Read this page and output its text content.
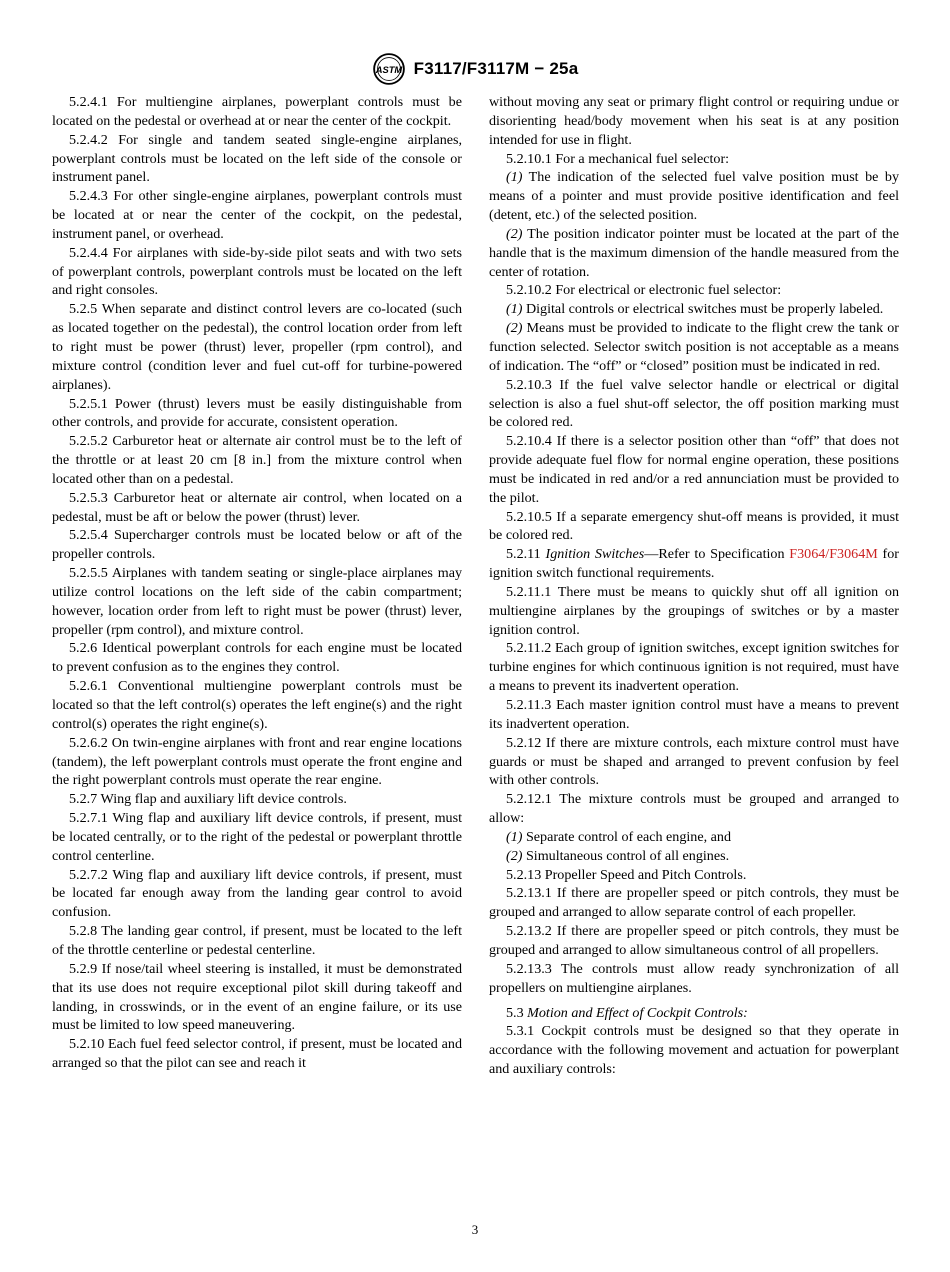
ASTM F3117/F3117M − 25a

5.2.4.1 For multiengine airplanes, powerplant controls must be located on the pedestal or overhead at or near the center of the cockpit.

5.2.4.2 For single and tandem seated single-engine airplanes, powerplant controls must be located on the left side of the console or instrument panel.

5.2.4.3 For other single-engine airplanes, powerplant controls must be located at or near the center of the cockpit, on the pedestal, instrument panel, or overhead.

5.2.4.4 For airplanes with side-by-side pilot seats and with two sets of powerplant controls, powerplant controls must be located on the left and right consoles.

5.2.5 When separate and distinct control levers are co-located (such as located together on the pedestal), the control location order from left to right must be power (thrust) lever, propeller (rpm control), and mixture control (condition lever and fuel cut-off for turbine-powered airplanes).

5.2.5.1 Power (thrust) levers must be easily distinguishable from other controls, and provide for accurate, consistent operation.

5.2.5.2 Carburetor heat or alternate air control must be to the left of the throttle or at least 20 cm [8 in.] from the mixture control when located other than on a pedestal.

5.2.5.3 Carburetor heat or alternate air control, when located on a pedestal, must be aft or below the power (thrust) lever.

5.2.5.4 Supercharger controls must be located below or aft of the propeller controls.

5.2.5.5 Airplanes with tandem seating or single-place airplanes may utilize control locations on the left side of the cabin compartment; however, location order from left to right must be power (thrust) lever, propeller (rpm control), and mixture control.

5.2.6 Identical powerplant controls for each engine must be located to prevent confusion as to the engines they control.

5.2.6.1 Conventional multiengine powerplant controls must be located so that the left control(s) operates the left engine(s) and the right control(s) operates the right engine(s).

5.2.6.2 On twin-engine airplanes with front and rear engine locations (tandem), the left powerplant controls must operate the front engine and the right powerplant controls must operate the rear engine.

5.2.7 Wing flap and auxiliary lift device controls.

5.2.7.1 Wing flap and auxiliary lift device controls, if present, must be located centrally, or to the right of the pedestal or powerplant throttle control centerline.

5.2.7.2 Wing flap and auxiliary lift device controls, if present, must be located far enough away from the landing gear control to avoid confusion.

5.2.8 The landing gear control, if present, must be located to the left of the throttle centerline or pedestal centerline.

5.2.9 If nose/tail wheel steering is installed, it must be demonstrated that its use does not require exceptional pilot skill during takeoff and landing, in crosswinds, or in the event of an engine failure, or its use must be limited to low speed maneuvering.

5.2.10 Each fuel feed selector control, if present, must be located and arranged so that the pilot can see and reach it

without moving any seat or primary flight control or requiring undue or disorienting head/body movement when his seat is at any position intended for use in flight.

5.2.10.1 For a mechanical fuel selector:

(1) The indication of the selected fuel valve position must be by means of a pointer and must provide positive identification and feel (detent, etc.) of the selected position.

(2) The position indicator pointer must be located at the part of the handle that is the maximum dimension of the handle measured from the center of rotation.

5.2.10.2 For electrical or electronic fuel selector:

(1) Digital controls or electrical switches must be properly labeled.

(2) Means must be provided to indicate to the flight crew the tank or function selected. Selector switch position is not acceptable as a means of indication. The “off” or “closed” position must be indicated in red.

5.2.10.3 If the fuel valve selector handle or electrical or digital selection is also a fuel shut-off selector, the off position marking must be colored red.

5.2.10.4 If there is a selector position other than “off” that does not provide adequate fuel flow for normal engine operation, these positions must be indicated in red and/or a red annunciation must be provided to the pilot.

5.2.10.5 If a separate emergency shut-off means is provided, it must be colored red.

5.2.11 Ignition Switches—Refer to Specification F3064/F3064M for ignition switch functional requirements.

5.2.11.1 There must be means to quickly shut off all ignition on multiengine airplanes by the groupings of switches or by a master ignition control.

5.2.11.2 Each group of ignition switches, except ignition switches for turbine engines for which continuous ignition is not required, must have a means to prevent its inadvertent operation.

5.2.11.3 Each master ignition control must have a means to prevent its inadvertent operation.

5.2.12 If there are mixture controls, each mixture control must have guards or must be shaped and arranged to prevent confusion by feel with other controls.

5.2.12.1 The mixture controls must be grouped and arranged to allow:

(1) Separate control of each engine, and

(2) Simultaneous control of all engines.

5.2.13 Propeller Speed and Pitch Controls.

5.2.13.1 If there are propeller speed or pitch controls, they must be grouped and arranged to allow separate control of each propeller.

5.2.13.2 If there are propeller speed or pitch controls, they must be grouped and arranged to allow simultaneous control of all propellers.

5.2.13.3 The controls must allow ready synchronization of all propellers on multiengine airplanes.

5.3 Motion and Effect of Cockpit Controls:

5.3.1 Cockpit controls must be designed so that they operate in accordance with the following movement and actuation for powerplant and auxiliary controls:

3
